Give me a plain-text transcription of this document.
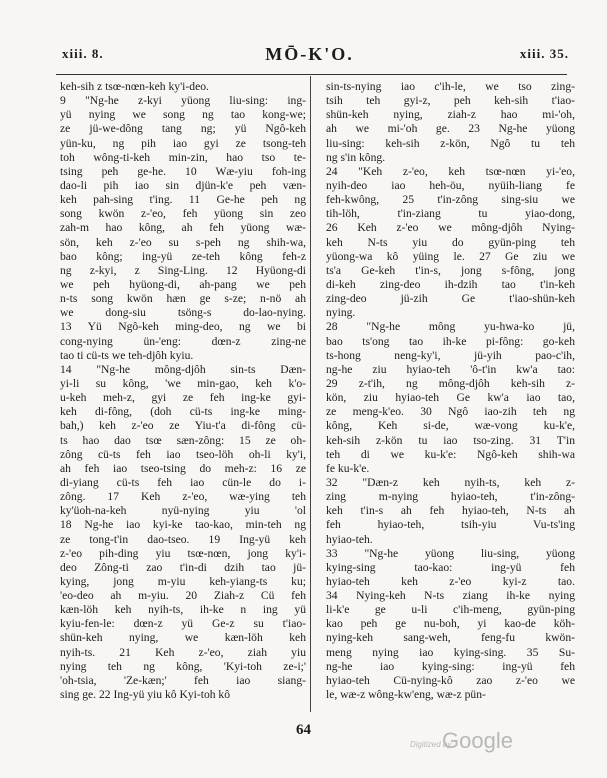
xiii. 8.	MŌ-K'O.	xiii. 35.
keh-sih z tsœ-nœn-keh ky'i-deo.
9 "Ng-he z-kyi yüong liu-sing: ing-
yü nying we song ng tao kong-we;
ze jü-we-dông tang ng; yü Ngô-keh
yün-ku, ng pih iao gyi ze tsong-teh
toh wông-ti-keh min-zin, hao tso te-
tsing peh ge-he. 10 Wæ-yiu foh-ing
dao-li pih iao sin djün-k'e peh væn-
keh pah-sing t'ing. 11 Ge-he peh ng
song kwön z-'eo, feh yüong sin zeo
zah-m hao kông, ah feh yüong wæ-
sön, keh z-'eo su s-peh ng shih-wa,
bao kông; ing-yü ze-teh kông feh-z
ng z-kyi, z Sing-Ling. 12 Hyüong-di
we peh hyüong-di, ah-pang we peh
n-ts song kwön hæn ge s-ze; n-nö ah
we dong-siu tsöng-s do-lao-nying.
13 Yü Ngô-keh ming-deo, ng we bi
cong-nying ün-'eng: dœn-z zing-ne
tao ti cü-ts we teh-djôh kyiu.
14 "Ng-he mông-djôh sin-ts Dæn-
yi-li su kông, 'we min-gao, keh k'o-
u-keh meh-z, gyi ze feh ing-ke gyi-
keh di-fông, (doh cü-ts ing-ke ming-
bah,) keh z-'eo ze Yiu-t'a di-fông cü-
ts hao dao tsœ sæn-zông: 15 ze oh-
zông cü-ts feh iao tseo-löh oh-li ky'i,
ah feh iao tseo-tsing do meh-z: 16 ze
di-yiang cü-ts feh iao cün-le do i-
zông. 17 Keh z-'eo, wæ-ying teh
ky'üoh-na-keh nyü-nying yiu 'ol
18 Ng-he iao kyi-ke tao-kao, min-teh ng
ze tong-t'in dao-tseo. 19 Ing-yü keh
z-'eo pih-ding yiu tsœ-nœn, jong ky'i-
deo Zông-ti zao t'in-di dzih tao jü-
kying, jong m-yiu keh-yiang-ts ku;
'eo-deo ah m-yiu. 20 Ziah-z Cü feh
kæn-löh keh nyih-ts, ih-ke n ing yü
kyiu-fen-le: dœn-z yü Ge-z su t'iao-
shün-keh nying, we kæn-löh keh
nyih-ts. 21 Keh z-'eo, ziah yiu
nying teh ng kông, 'Kyi-toh ze-i;'
'oh-tsia, 'Ze-kæn;' feh iao siang-
sing ge. 22 Ing-yü yiu kô Kyi-toh kô
sin-ts-nying iao c'ih-le, we tso zing-
tsih teh gyi-z, peh keh-sih t'iao-
shün-keh nying, ziah-z hao mi-'oh,
ah we mi-'oh ge. 23 Ng-he yüong
liu-sing: keh-sih z-kön, Ngô tu teh
ng s'in kông.
24 "Keh z-'eo, keh tsœ-nœn yi-'eo,
nyih-deo iao heh-öu, nyüih-liang fe
feh-kwông, 25 t'in-zông sing-siu we
tih-löh, t'in-ziang tu yiao-dong,
26 Keh z-'eo we mông-djôh Nying-
keh N-ts yiu do gyün-ping teh
yüong-wa kô yüing le. 27 Ge ziu we
ts'a Ge-keh t'in-s, jong s-fông, jong
di-keh zing-deo ih-dzih tao t'in-keh
zing-deo jü-zih Ge t'iao-shün-keh
nying.
28 "Ng-he mông yu-hwa-ko jü,
bao ts'ong tao ih-ke pi-fông: go-keh
ts-hong neng-ky'i, jü-yih pao-c'ih,
ng-he ziu hyiao-teh 'ô-t'in kw'a tao:
29 z-t'ih, ng mông-djôh keh-sih z-
kön, ziu hyiao-teh Ge kw'a iao tao,
ze meng-k'eo. 30 Ngô iao-zih teh ng
kông, Keh si-de, wæ-vong ku-k'e,
keh-sih z-kön tu iao tso-zing. 31 T'in
teh di we ku-k'e: Ngô-keh shih-wa
fe ku-k'e.
32 "Dæn-z keh nyih-ts, keh z-
zing m-nying hyiao-teh, t'in-zông-
keh t'in-s ah feh hyiao-teh, N-ts ah
feh hyiao-teh, tsih-yiu Vu-ts'ing
hyiao-teh.
33 "Ng-he yüong liu-sing, yüong
kying-sing tao-kao: ing-yü feh
hyiao-teh keh z-'eo kyi-z tao.
34 Nying-keh N-ts ziang ih-ke nying
li-k'e ge u-li c'ih-meng, gyün-ping
kao peh ge nu-boh, yi kao-de köh-
nying-keh sang-weh, feng-fu kwön-
meng nying iao kying-sing. 35 Su-
ng-he iao kying-sing: ing-yü feh
hyiao-teh Cü-nying-kô zao z-'eo we
le, wæ-z wông-kw'eng, wæ-z pün-
64
Digitized by
Google
